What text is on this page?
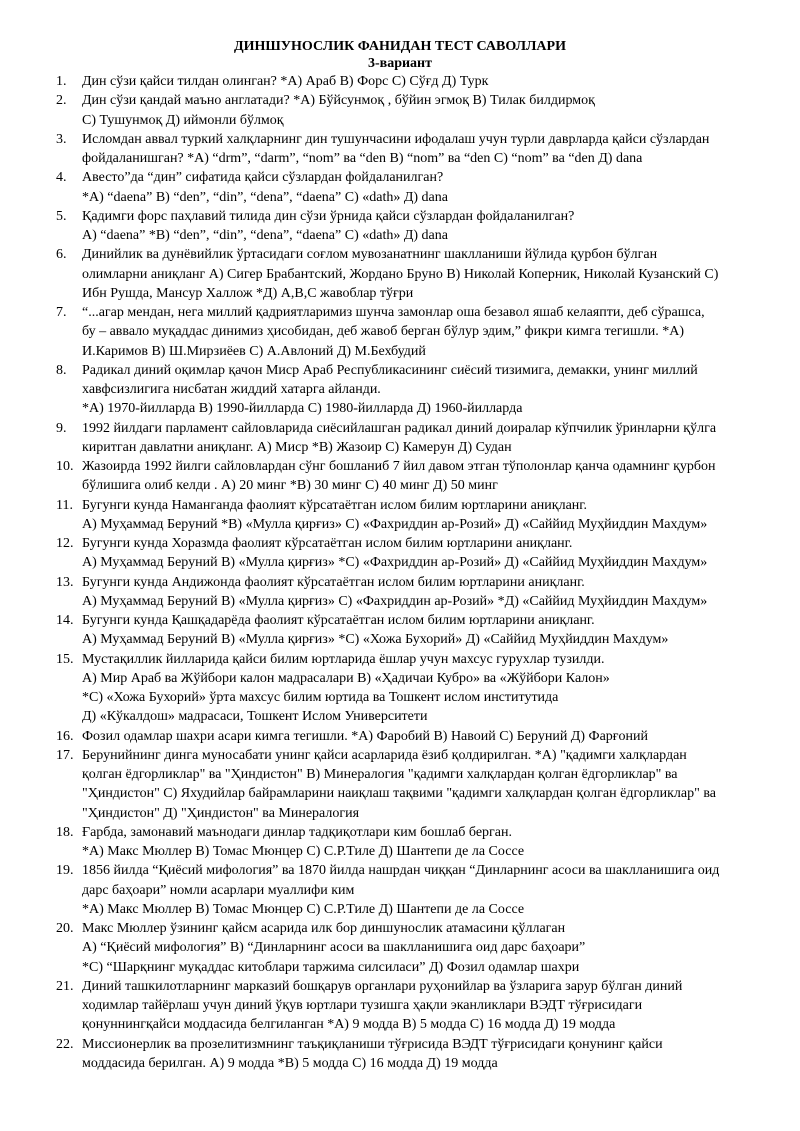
ДИНШУНОСЛИК ФАНИДАН ТЕСТ САВОЛЛАРИ
3-вариант
1.	Дин сўзи қайси тилдан олинган? *А) Араб В) Форс С) Сўғд Д) Турк
2.	Дин сўзи қандай маъно англатади? *А) Бўйсунмоқ , бўйин эгмоқ В) Тилак билдирмоқ
С) Тушунмоқ Д) иймонли бўлмоқ
3.	Исломдан аввал туркий халқларнинг дин тушунчасини ифодалаш учун турли даврларда қайси сўзлардан
фойдаланишган? *А) “drm”, “darm”, “nom” ва “den В) “nom” ва “den С) “nom” ва “den Д) dana
4.	Авесто”да “дин” сифатида қайси сўзлардан фойдаланилган?
*А) “daena” В) “den”, “din”, “dena”, “daena” С) «dath» Д) dana
5.	Қадимги форс паҳлавий тилида дин сўзи ўрнида қайси сўзлардан фойдаланилган?
А) “daena” *В) “den”, “din”, “dena”, “daena” С) «dath» Д) dana
6.	Динийлик ва дунёвийлик ўртасидаги соғлом мувозанатнинг шаклланиши йўлида қурбон бўлган
олимларни аниқланг А) Сигер Брабантский, Жордано Бруно В) Николай Коперник, Николай Кузанский С)
Ибн Рушда, Мансур Халлож *Д) А,В,С жавоблар тўғри
7.	“...агар мендан, нега миллий қадриятларимиз шунча замонлар оша безавол яшаб келаяпти, деб сўрашса,
бу – аввало муқаддас динимиз ҳисобидан, деб жавоб берган бўлур эдим,” фикри кимга тегишли. *А)
И.Каримов В) Ш.Мирзиёев С) А.Авлоний Д) М.Бехбудий
8.	Радикал диний оқимлар қачон Миср Араб Республикасининг сиёсий тизимига, демакки, унинг миллий
хавфсизлигига нисбатан жиддий хатарга айланди.
*А) 1970-йилларда В) 1990-йилларда С) 1980-йилларда Д) 1960-йилларда
9.	1992 йилдаги парламент сайловларида сиёсийлашган радикал диний доиралар кўпчилик ўринларни қўлга
киритган давлатни аниқланг. А) Миср *В) Жазоир С) Камерун Д) Судан
10. Жазоирда 1992 йилги сайловлардан сўнг бошланиб 7 йил давом этган тўполонлар қанча одамнинг қурбон
бўлишига олиб келди . А) 20 минг *В) 30 минг С) 40 минг Д) 50 минг
11. Бугунги кунда Наманганда фаолият кўрсатаётган ислом билим юртларини аниқланг.
А) Муҳаммад Беруний *В) «Мулла қирғиз» С) «Фахриддин ар-Розий» Д) «Саййид Муҳйиддин Махдум»
12. Бугунги кунда Хоразмда фаолият кўрсатаётган ислом билим юртларини аниқланг.
А) Муҳаммад Беруний В) «Мулла қирғиз» *С) «Фахриддин ар-Розий» Д) «Саййид Муҳйиддин Махдум»
13. Бугунги кунда Андижонда фаолият кўрсатаётган ислом билим юртларини аниқланг.
А) Муҳаммад Беруний В) «Мулла қирғиз» С) «Фахриддин ар-Розий» *Д) «Саййид Муҳйиддин Махдум»
14. Бугунги кунда Қашқадарёда фаолият кўрсатаётган ислом билим юртларини аниқланг.
А) Муҳаммад Беруний В) «Мулла қирғиз» *С) «Хожа Бухорий» Д) «Саййид Муҳйиддин Махдум»
15. Мустақиллик йилларида қайси билим юртларида ёшлар учун махсус гурухлар тузилди.
А) Мир Араб ва Жўйбори калон мадрасалари В) «Ҳадичаи Кубро» ва «Жўйбори Калон»
*С) «Хожа Бухорий» ўрта махсус билим юртида ва Тошкент ислом институтида
Д) «Кўкалдош» мадрасаси, Тошкент Ислом Университети
16. Фозил одамлар шахри асари кимга тегишли. *А) Фаробий В) Навоий С) Беруний Д) Фарғоний
17. Берунийнинг динга муносабати унинг қайси асарларида ёзиб қолдирилган. *А) "қадимги халқлардан
қолган ёдгорликлар" ва "Ҳиндистон" В) Минералогия "қадимги халқлардан қолган ёдгорликлар" ва
"Ҳиндистон" С) Яхудийлар байрамларини наиқлаш тақвими "қадимги халқлардан қолган ёдгорликлар" ва
"Ҳиндистон" Д) "Ҳиндистон" ва Минералогия
18. Ғарбда, замонавий маънодаги динлар тадқиқотлари ким бошлаб берган.
*А) Макс Мюллер В) Томас Мюнцер С) С.Р.Тиле Д) Шантепи де ла Соссе
19. 1856 йилда “Қиёсий мифология” ва 1870 йилда нашрдан чиққан “Динларнинг асоси ва шаклланишига оид
дарс баҳоари” номли асарлари муаллифи ким
*А) Макс Мюллер В) Томас Мюнцер С) С.Р.Тиле Д) Шантепи де ла Соссе
20. Макс Мюллер ўзининг қайсм асарида илк бор диншунослик атамасини қўллаган
А) “Қиёсий мифология” В) “Динларнинг асоси ва шаклланишига оид дарс баҳоари”
*С) “Шарқнинг муқаддас китоблари таржима силсиласи” Д) Фозил одамлар шахри
21. Диний ташкилотларнинг марказий бошқарув органлари руҳонийлар ва ўзларига зарур бўлган диний
ходимлар тайёрлаш учун диний ўқув юртлари тузишга ҳақли эканликлари ВЭДТ тўғрисидаги
қонуннингқайси моддасида белгиланган *А) 9 модда В) 5 модда С) 16 модда Д) 19 модда
22. Миссионерлик ва прозелитизмнинг таъқиқланиши тўғрисида ВЭДТ тўғрисидаги қонунинг қайси
моддасида берилган. А) 9 модда *В) 5 модда С) 16 модда Д) 19 модда
